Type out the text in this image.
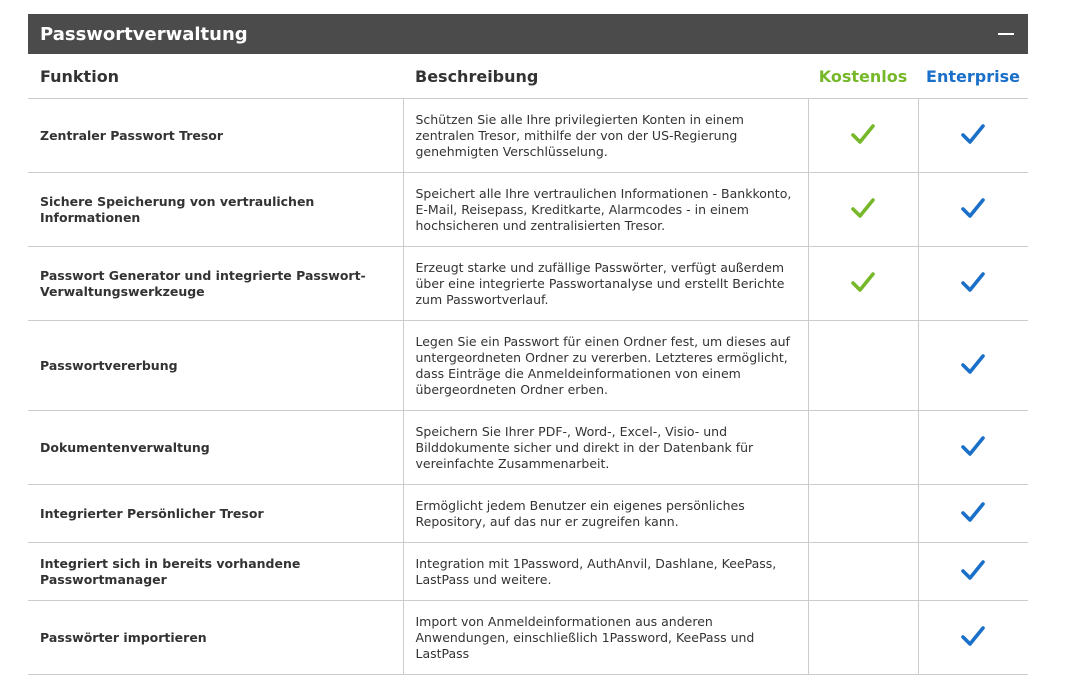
Passwortverwaltung
Funktion	Beschreibung	Kostenlos	Enterprise
Zentraler Passwort Tresor	Schützen Sie alle Ihre privilegierten Konten in einem zentralen Tresor, mithilfe der von der US-Regierung genehmigten Verschlüsselung.	

Sichere Speicherung von vertraulichen Informationen	Speichert alle Ihre vertraulichen Informationen - Bankkonto, E-Mail, Reisepass, Kreditkarte, Alarmcodes - in einem hochsicheren und zentralisierten Tresor.	

Passwort Generator und integrierte Passwort-Verwaltungswerkzeuge	Erzeugt starke und zufällige Passwörter, verfügt außerdem über eine integrierte Passwortanalyse und erstellt Berichte zum Passwortverlauf.	

Passwortvererbung	Legen Sie ein Passwort für einen Ordner fest, um dieses auf untergeordneten Ordner zu vererben. Letzteres ermöglicht, dass Einträge die Anmeldeinformationen von einem übergeordneten Ordner erben.		

Dokumentenverwaltung	Speichern Sie Ihrer PDF-, Word-, Excel-, Visio- und Bilddokumente sicher und direkt in der Datenbank für vereinfachte Zusammenarbeit.		

Integrierter Persönlicher Tresor	Ermöglicht jedem Benutzer ein eigenes persönliches Repository, auf das nur er zugreifen kann.		

Integriert sich in bereits vorhandene Passwortmanager	Integration mit 1Password, AuthAnvil, Dashlane, KeePass, LastPass und weitere.		

Passwörter importieren	Import von Anmeldeinformationen aus anderen Anwendungen, einschließlich 1Password, KeePass und LastPass		
